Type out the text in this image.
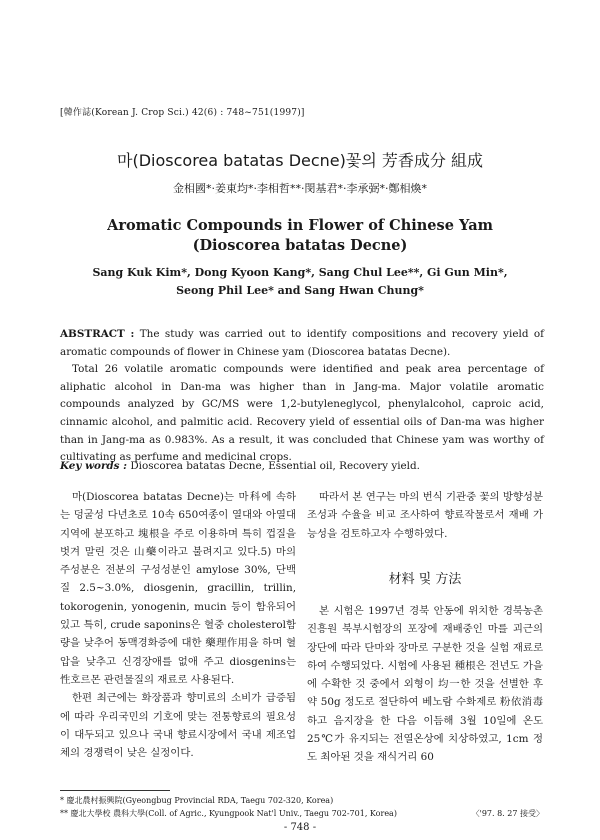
[韓作誌(Korean J. Crop Sci.) 42(6) : 748~751(1997)]
마(Dioscorea batatas Decne)꽃의 芳香成分 組成
金相國*·姜東均*·李相哲**·閔基君*·李承弼*·鄭相煥*
Aromatic Compounds in Flower of Chinese Yam
(Dioscorea batatas Decne)
Sang Kuk Kim*, Dong Kyoon Kang*, Sang Chul Lee**, Gi Gun Min*,
Seong Phil Lee* and Sang Hwan Chung*

ABSTRACT : The study was carried out to identify compositions and recovery yield of aromatic compounds of flower in Chinese yam (Dioscorea batatas Decne).

Total 26 volatile aromatic compounds were identified and peak area percentage of aliphatic alcohol in Dan-ma was higher than in Jang-ma. Major volatile aromatic compounds analyzed by GC/MS were 1,2-butyleneglycol, phenylalcohol, caproic acid, cinnamic alcohol, and palmitic acid. Recovery yield of essential oils of Dan-ma was higher than in Jang-ma as 0.983%. As a result, it was concluded that Chinese yam was worthy of cultivating as perfume and medicinal crops.

Key words : Dioscorea batatas Decne, Essential oil, Recovery yield.

마(Dioscorea batatas Decne)는 마科에 속하는 덩굴성 다년초로 10속 650여종이 열대와 아열대 지역에 분포하고 塊根을 주로 이용하며 특히 껍질을 벗겨 말린 것은 山藥이라고 불려지고 있다.5) 마의 주성분은 전분의 구성성분인 amylose 30%, 단백질 2.5~3.0%, diosgenin, gracillin, trillin, tokorogenin, yonogenin, mucin 등이 함유되어 있고 특히, crude saponins은 혈중 cholesterol함량을 낮추어 동맥경화증에 대한 藥理作用을 하며 혈압을 낮추고 신경장애를 없애 주고 diosgenins는 性호르몬 관련물질의 재료로 사용된다.

한편 최근에는 화장품과 향미료의 소비가 급증됨에 따라 우리국민의 기호에 맞는 전통향료의 필요성이 대두되고 있으나 국내 향료시장에서 국내 제조업체의 경쟁력이 낮은 실정이다.

따라서 본 연구는 마의 번식 기관중 꽃의 방향성분 조성과 수율을 비교 조사하여 향료작물로서 재배 가능성을 검토하고자 수행하였다.

材料 및 方法

본 시험은 1997년 경북 안동에 위치한 경북농촌진흥원 북부시험장의 포장에 재배중인 마를 괴근의 장단에 따라 단마와 장마로 구분한 것을 실험 재료로하여 수행되었다. 시험에 사용된 種根은 전년도 가을에 수확한 것 중에서 외형이 均一한 것을 선별한 후 약 50g 정도로 절단하여 베노람 수화제로 粉依消毒하고 음지장을 한 다음 이듬해 3월 10일에 온도 25℃가 유지되는 전열온상에 치상하였고, 1cm 정도 최아된 것을 재식거리 60

* 慶北農村振興院(Gyeongbug Provincial RDA, Taegu 702-320, Korea)
** 慶北大學校 農科大學(Coll. of Agric., Kyungpook Nat'l Univ., Taegu 702-701, Korea)	〈'97. 8. 27 接受〉
- 748 -
